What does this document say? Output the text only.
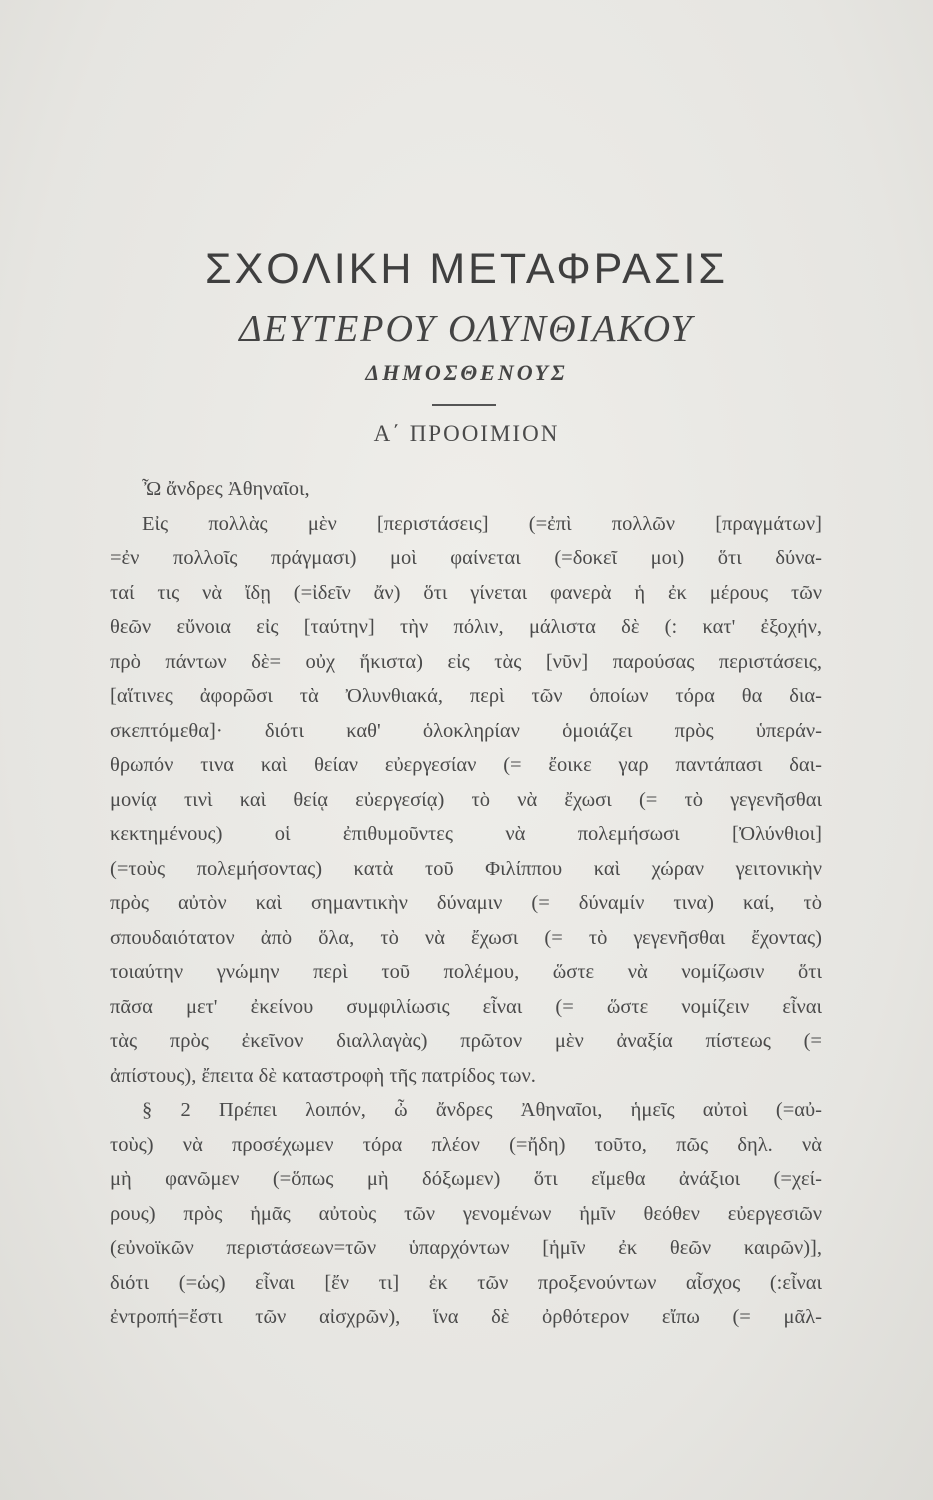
ΣΧΟΛΙΚΗ ΜΕΤΑΦΡΑΣΙΣ
ΔΕΥΤΕΡΟΥ ΟΛΥΝΘΙΑΚΟΥ
ΔΗΜΟΣΘΕΝΟΥΣ
Α΄ ΠΡΟΟΙΜΙΟΝ
Ὦ ἄνδρες Ἀθηναῖοι,
Εἰς πολλὰς μὲν [περιστάσεις] (=ἐπὶ πολλῶν [πραγμάτων]
=ἐν πολλοῖς πράγμασι) μοὶ φαίνεται (=δοκεῖ μοι) ὅτι δύνα-
ταί τις νὰ ἴδῃ (=ἰδεῖν ἄν) ὅτι γίνεται φανερὰ ἡ ἐκ μέρους τῶν
θεῶν εὔνοια εἰς [ταύτην] τὴν πόλιν, μάλιστα δὲ (: κατ' ἐξοχήν,
πρὸ πάντων δὲ= οὐχ ἥκιστα) εἰς τὰς [νῦν] παρούσας περιστάσεις,
[αἵτινες ἀφορῶσι τὰ Ὀλυνθιακά, περὶ τῶν ὁποίων τόρα θα δια-
σκεπτόμεθα]· διότι καθ' ὁλοκληρίαν ὁμοιάζει πρὸς ὑπεράν-
θρωπόν τινα καὶ θείαν εὐεργεσίαν (= ἔοικε γαρ παντάπασι δαι-
μονίᾳ τινὶ καὶ θείᾳ εὐεργεσίᾳ) τὸ νὰ ἔχωσι (= τὸ γεγενῆσθαι
κεκτημένους) οἱ ἐπιθυμοῦντες νὰ πολεμήσωσι [Ὀλύνθιοι]
(=τοὺς πολεμήσοντας) κατὰ τοῦ Φιλίππου καὶ χώραν γειτονικὴν
πρὸς αὐτὸν καὶ σημαντικὴν δύναμιν (= δύναμίν τινα) καί, τὸ
σπουδαιότατον ἀπὸ ὅλα, τὸ νὰ ἔχωσι (= τὸ γεγενῆσθαι ἔχοντας)
τοιαύτην γνώμην περὶ τοῦ πολέμου, ὥστε νὰ νομίζωσιν ὅτι
πᾶσα μετ' ἐκείνου συμφιλίωσις εἶναι (= ὥστε νομίζειν εἶναι
τὰς πρὸς ἐκεῖνον διαλλαγὰς) πρῶτον μὲν ἀναξία πίστεως (=
ἀπίστους), ἔπειτα δὲ καταστροφὴ τῆς πατρίδος των.
§ 2 Πρέπει λοιπόν, ὦ ἄνδρες Ἀθηναῖοι, ἡμεῖς αὐτοὶ (=αὐ-
τοὺς) νὰ προσέχωμεν τόρα πλέον (=ἤδη) τοῦτο, πῶς δηλ. νὰ
μὴ φανῶμεν (=ὅπως μὴ δόξωμεν) ὅτι εἴμεθα ἀνάξιοι (=χεί-
ρους) πρὸς ἡμᾶς αὐτοὺς τῶν γενομένων ἡμῖν θεόθεν εὐεργεσιῶν
(εὐνοϊκῶν περιστάσεων=τῶν ὑπαρχόντων [ἡμῖν ἐκ θεῶν καιρῶν)],
διότι (=ὡς) εἶναι [ἔν τι] ἐκ τῶν προξενούντων αἶσχος (:εἶναι
ἐντροπή=ἔστι τῶν αἰσχρῶν), ἵνα δὲ ὀρθότερον εἴπω (= μᾶλ-
